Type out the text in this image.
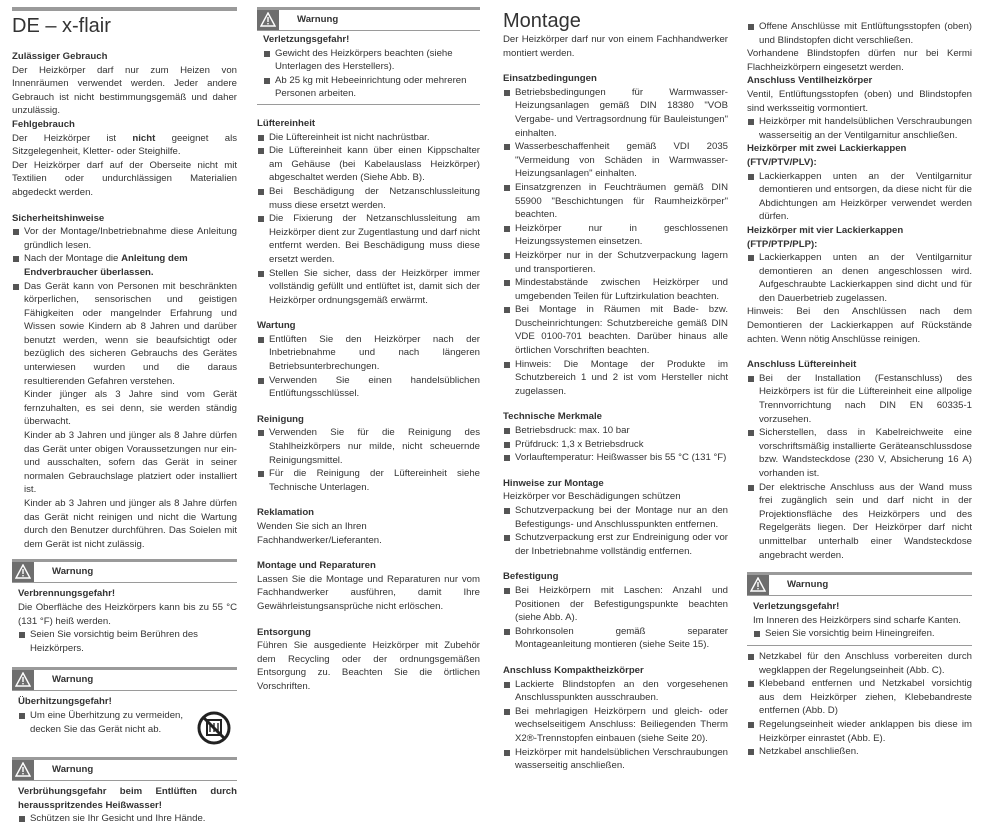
DE – x-flair

Zulässiger Gebrauch

Der Heizkörper darf nur zum Heizen von Innenräumen verwendet werden. Jeder andere Gebrauch ist nicht bestimmungsgemäß und daher unzulässig.

Fehlgebrauch

Der Heizkörper ist nicht geeignet als Sitzgelegenheit, Kletter- oder Steighilfe.

Der Heizkörper darf auf der Oberseite nicht mit Textilien oder undurchlässigen Materialien abgedeckt werden.

Sicherheitshinweise

Vor der Montage/Inbetriebnahme diese Anleitung gründlich lesen.
Nach der Montage die Anleitung dem Endverbraucher überlassen.
Das Gerät kann von Personen mit beschränkten körperlichen, sensorischen und geistigen Fähigkeiten oder mangelnder Erfahrung und Wissen sowie Kindern ab 8 Jahren und darüber benutzt werden, wenn sie beaufsichtigt oder bezüglich des sicheren Gebrauchs des Gerätes unterwiesen wurden und die daraus resultierenden Gefahren verstehen.

Kinder jünger als 3 Jahre sind vom Gerät fernzuhalten, es sei denn, sie werden ständig überwacht.

Kinder ab 3 Jahren und jünger als 8 Jahre dürfen das Gerät unter obigen Voraussetzungen nur ein- und ausschalten, sofern das Gerät in seiner normalen Gebrauchslage platziert oder installiert ist.

Kinder ab 3 Jahren und jünger als 8 Jahre dürfen das Gerät nicht reinigen und nicht die Wartung durch den Benutzer durchführen. Das Soielen mit dem Gerät ist nicht zulässig.

Warnung

Verbrennungsgefahr!

Die Oberfläche des Heizkörpers kann bis zu 55 °C (131 °F) heiß werden.

Seien Sie vorsichtig beim Berühren des Heizkörpers.
Warnung

Überhitzungsgefahr!

Um eine Überhitzung zu vermeiden, decken Sie das Gerät nicht ab.
Warnung

Verbrühungsgefahr beim Entlüften durch herausspritzendes Heißwasser!

Schützen sie Ihr Gesicht und Ihre Hände.
Warnung

Verletzungsgefahr!

Gewicht des Heizkörpers beachten (siehe Unterlagen des Herstellers).
Ab 25 kg mit Hebeeinrichtung oder mehreren Personen arbeiten.

Lüftereinheit

Die Lüftereinheit ist nicht nachrüstbar.
Die Lüftereinheit kann über einen Kippschalter am Gehäuse (bei Kabelauslass Heizkörper) abgeschaltet werden (Siehe Abb. B).
Bei Beschädigung der Netzanschlussleitung muss diese ersetzt werden.
Die Fixierung der Netzanschlussleitung am Heizkörper dient zur Zugentlastung und darf nicht entfernt werden. Bei Beschädigung muss diese ersetzt werden.
Stellen Sie sicher, dass der Heizkörper immer vollständig gefüllt und entlüftet ist, damit sich der Heizkörper ordnungsgemäß erwärmt.

Wartung

Entlüften Sie den Heizkörper nach der Inbetriebnahme und nach längeren Betriebsunterbrechungen.
Verwenden Sie einen handelsüblichen Entlüftungsschlüssel.

Reinigung

Verwenden Sie für die Reinigung des Stahlheizkörpers nur milde, nicht scheuernde Reinigungsmittel.
Für die Reinigung der Lüftereinheit siehe Technische Unterlagen.

Reklamation

Wenden Sie sich an Ihren Fachhandwerker/Lieferanten.

Montage und Reparaturen

Lassen Sie die Montage und Reparaturen nur vom Fachhandwerker ausführen, damit Ihre Gewährleistungsansprüche nicht erlöschen.

Entsorgung

Führen Sie ausgediente Heizkörper mit Zubehör dem Recycling oder der ordnungsgemäßen Entsorgung zu. Beachten Sie die örtlichen Vorschriften.

Montage

Der Heizkörper darf nur von einem Fachhandwerker montiert werden.

Einsatzbedingungen

Betriebsbedingungen für Warmwasser-Heizungsanlagen gemäß DIN 18380 "VOB Vergabe- und Vertragsordnung für Bauleistungen" einhalten.
Wasserbeschaffenheit gemäß VDI 2035 "Vermeidung von Schäden in Warmwasser-Heizungsanlagen" einhalten.
Einsatzgrenzen in Feuchträumen gemäß DIN 55900 "Beschichtungen für Raumheizkörper" beachten.
Heizkörper nur in geschlossenen Heizungssystemen einsetzen.
Heizkörper nur in der Schutzverpackung lagern und transportieren.
Mindestabstände zwischen Heizkörper und umgebenden Teilen für Luftzirkulation beachten.
Bei Montage in Räumen mit Bade- bzw. Duscheinrichtungen: Schutzbereiche gemäß DIN VDE 0100-701 beachten. Darüber hinaus alle örtlichen Vorschriften beachten.
Hinweis: Die Montage der Produkte im Schutzbereich 1 und 2 ist vom Hersteller nicht zugelassen.

Technische Merkmale

Betriebsdruck: max. 10 bar
Prüfdruck: 1,3 x Betriebsdruck
Vorlauftemperatur: Heißwasser bis 55 °C (131 °F)

Hinweise zur Montage

Heizkörper vor Beschädigungen schützen

Schutzverpackung bei der Montage nur an den Befestigungs- und Anschlusspunkten entfernen.
Schutzverpackung erst zur Endreinigung oder vor der Inbetriebnahme vollständig entfernen.

Befestigung

Bei Heizkörpern mit Laschen: Anzahl und Positionen der Befestigungspunkte beachten (siehe Abb. A).
Bohrkonsolen gemäß separater Montageanleitung montieren (siehe Seite 15).

Anschluss Kompaktheizkörper

Lackierte Blindstopfen an den vorgesehenen Anschlusspunkten ausschrauben.
Bei mehrlagigen Heizkörpern und gleich- oder wechselseitigem Anschluss: Beiliegenden Therm X2®-Trennstopfen einbauen (siehe Seite 20).
Heizkörper mit handelsüblichen Verschraubungen wasserseitig anschließen.
Offene Anschlüsse mit Entlüftungsstopfen (oben) und Blindstopfen dicht verschließen.

Vorhandene Blindstopfen dürfen nur bei Kermi Flachheizkörpern eingesetzt werden.

Anschluss Ventilheizkörper

Ventil, Entlüftungsstopfen (oben) und Blindstopfen sind werksseitig vormontiert.

Heizkörper mit handelsüblichen Verschraubungen wasserseitig an der Ventilgarnitur anschließen.

Heizkörper mit zwei Lackierkappen (FTV/PTV/PLV):

Lackierkappen unten an der Ventilgarnitur demontieren und entsorgen, da diese nicht für die Abdichtungen am Heizkörper verwendet werden dürfen.

Heizkörper mit vier Lackierkappen (FTP/PTP/PLP):

Lackierkappen unten an der Ventilgarnitur demontieren an denen angeschlossen wird. Aufgeschraubte Lackierkappen sind dicht und für den Dauerbetrieb zugelassen.

Hinweis: Bei den Anschlüssen nach dem Demontieren der Lackierkappen auf Rückstände achten. Wenn nötig Anschlüsse reinigen.

Anschluss Lüftereinheit

Bei der Installation (Festanschluss) des Heizkörpers ist für die Lüftereinheit eine allpolige Trennvorrichtung nach DIN EN 60335-1 vorzusehen.
Sicherstellen, dass in Kabelreichweite eine vorschriftsmäßig installierte Geräteanschlussdose bzw. Wandsteckdose (230 V, Absicherung 16 A) vorhanden ist.
Der elektrische Anschluss aus der Wand muss frei zugänglich sein und darf nicht in der Projektionsfläche des Heizkörpers und des Regelgeräts liegen. Der Heizkörper darf nicht unmittelbar unterhalb einer Wandsteckdose angebracht werden.
Warnung

Verletzungsgefahr!

Im Inneren des Heizkörpers sind scharfe Kanten.

Seien Sie vorsichtig beim Hineingreifen.
Netzkabel für den Anschluss vorbereiten durch wegklappen der Regelungseinheit (Abb. C).
Klebeband entfernen und Netzkabel vorsichtig aus dem Heizkörper ziehen, Klebebandreste entfernen (Abb. D)
Regelungseinheit wieder anklappen bis diese im Heizkörper einrastet (Abb. E).
Netzkabel anschließen.
